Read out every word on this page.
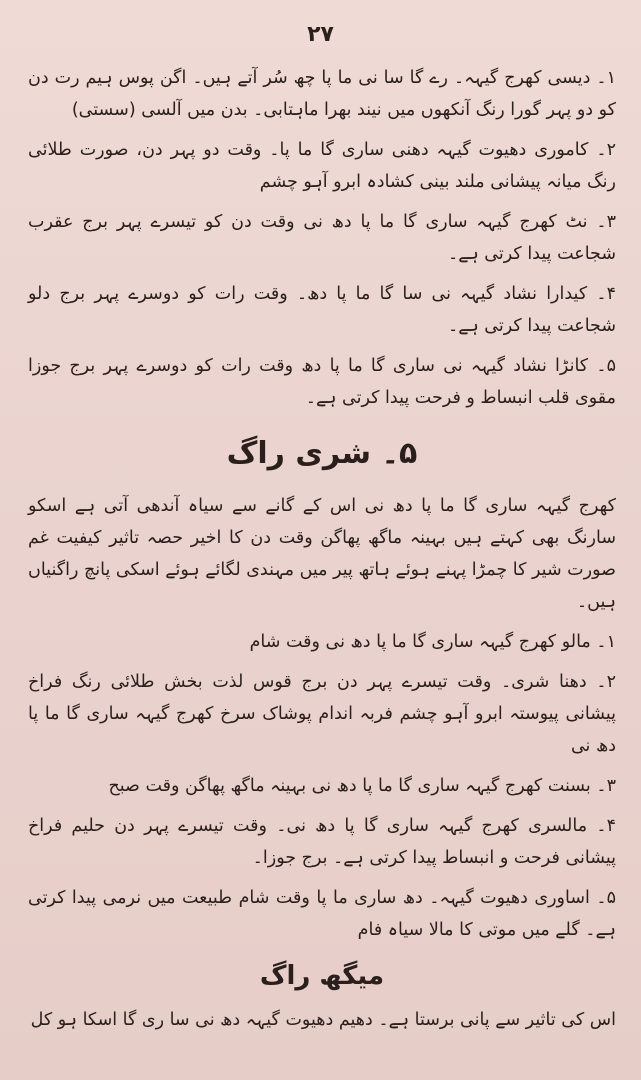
۲۷

۱۔ دیسی کھرج گیہہ۔ رے گا سا نی ما پا چھ سُر آتے ہیں۔ اگن پوس ہیم رت دن کو دو پہر گورا رنگ آنکھوں میں نیند بھرا ماہتابی۔ بدن میں آلسی (سستی)

۲۔ کاموری دھیوت گیہہ دھنی ساری گا ما پا۔ وقت دو پہر دن، صورت طلائی رنگ میانہ پیشانی ملند بینی کشادہ ابرو آہو چشم

۳۔ نٹ کھرج گیہہ ساری گا ما پا دھ نی وقت دن کو تیسرے پہر برج عقرب شجاعت پیدا کرتی ہے۔

۴۔ کیدارا نشاد گیہہ نی سا گا ما پا دھ۔ وقت رات کو دوسرے پہر برج دلو شجاعت پیدا کرتی ہے۔

۵۔ کانڑا نشاد گیہہ نی ساری گا ما پا دھ وقت رات کو دوسرے پہر برج جوزا مقوی قلب انبساط و فرحت پیدا کرتی ہے۔

۵۔ شری راگ

کھرج گیہہ ساری گا ما پا دھ نی اس کے گانے سے سیاہ آندھی آتی ہے اسکو سارنگ بھی کہتے ہیں بہینہ ماگھ پھاگن وقت دن کا اخیر حصہ تاثیر کیفیت غم صورت شیر کا چمڑا پہنے ہوئے ہاتھ پیر میں مہندی لگائے ہوئے اسکی پانچ راگنیاں ہیں۔

۱۔ مالو کھرج گیہہ ساری گا ما پا دھ نی وقت شام

۲۔ دھنا شری۔ وقت تیسرے پہر دن برج قوس لذت بخش طلائی رنگ فراخ پیشانی پیوستہ ابرو آہو چشم فربہ اندام پوشاک سرخ کھرج گیہہ ساری گا ما پا دھ نی

۳۔ بسنت کھرج گیہہ ساری گا ما پا دھ نی بہینہ ماگھ پھاگن وقت صبح

۴۔ مالسری کھرج گیہہ ساری گا پا دھ نی۔ وقت تیسرے پہر دن حلیم فراخ پیشانی فرحت و انبساط پیدا کرتی ہے۔ برج جوزا۔

۵۔ اساوری دھیوت گیہہ۔ دھ ساری ما پا وقت شام طبیعت میں نرمی پیدا کرتی ہے۔ گلے میں موتی کا مالا سیاہ فام

میگھ راگ

اس کی تاثیر سے پانی برستا ہے۔ دھیم دھیوت گیہہ دھ نی سا ری گا اسکا ہو کل
